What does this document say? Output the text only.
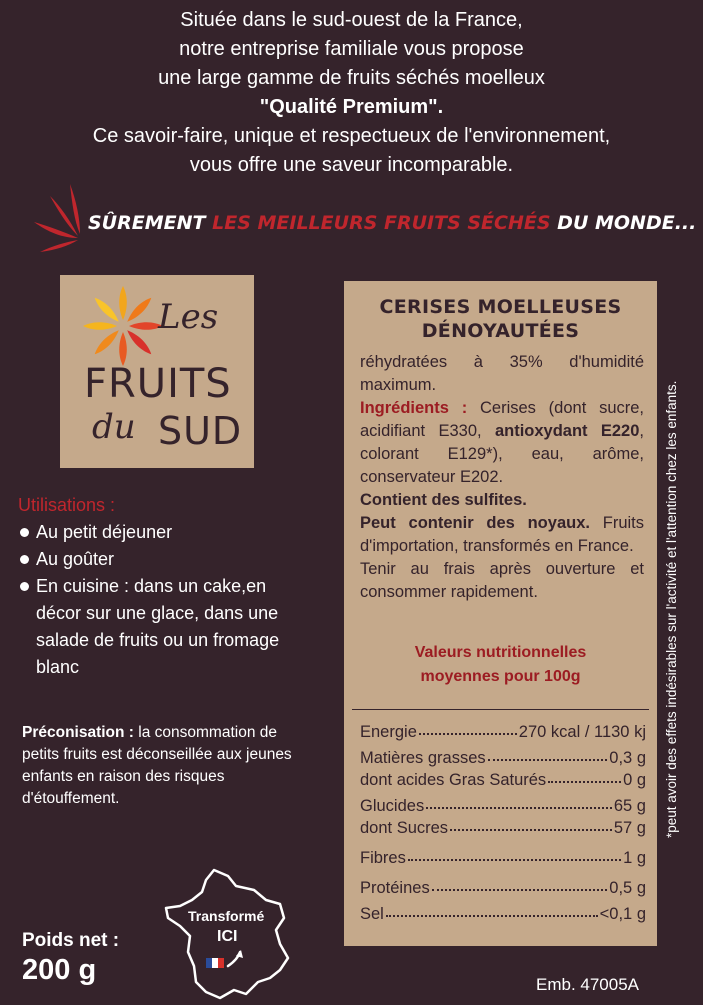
Située dans le sud-ouest de la France,
notre entreprise familiale vous propose
une large gamme de fruits séchés moelleux
"Qualité Premium".
Ce savoir-faire, unique et respectueux de l'environnement,
vous offre une saveur incomparable.
SÛREMENT LES MEILLEURS FRUITS SÉCHÉS DU MONDE...
Les
FRUITS
du SUD
Utilisations :
Au petit déjeuner
Au goûter
En cuisine : dans un cake,en décor sur une glace, dans une salade de fruits ou un fromage blanc
Préconisation : la consommation de petits fruits est déconseillée aux jeunes enfants en raison des risques d'étouffement.
Poids net :
200 g
Transformé
ICI
CERISES MOELLEUSES DÉNOYAUTÉES

réhydratées à 35% d'humidité maximum.

Ingrédients : Cerises (dont sucre, acidifiant E330, antioxydant E220, colorant E129*), eau, arôme, conservateur E202.

Contient des sulfites.

Peut contenir des noyaux. Fruits d'importation, transformés en France.

Tenir au frais après ouverture et consommer rapidement.

Valeurs nutritionnelles
moyennes pour 100g
Energie	270 kcal / 1130 kj
Matières grasses	0,3 g
dont acides Gras Saturés	0 g
Glucides	65 g
dont Sucres	57 g
Fibres	1 g
Protéines	0,5 g
Sel	<0,1 g
Emb. 47005A
*peut avoir des effets indésirables sur l'activité et l'attention chez les enfants.
